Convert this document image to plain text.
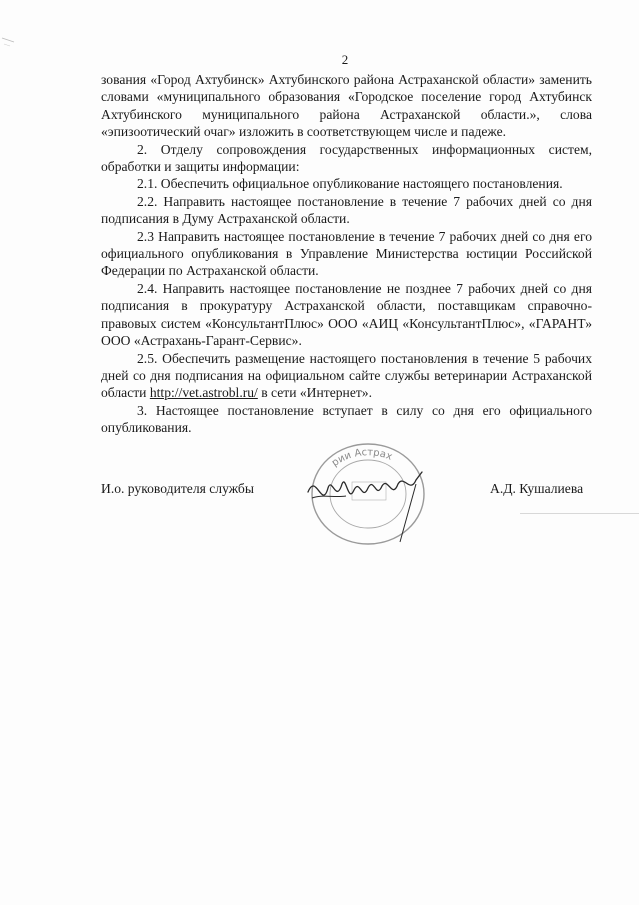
2

зования «Город Ахтубинск» Ахтубинского района Астраханской области» заменить словами «муниципального образования «Городское поселение город Ахтубинск Ахтубинского муниципального района Астраханской области.», слова «эпизоотический очаг» изложить в соответствующем числе и падеже.

2. Отделу сопровождения государственных информационных систем, обработки и защиты информации:

2.1. Обеспечить официальное опубликование настоящего постановления.

2.2. Направить настоящее постановление в течение 7 рабочих дней со дня подписания в Думу Астраханской области.

2.3 Направить настоящее постановление в течение 7 рабочих дней со дня его официального опубликования в Управление Министерства юстиции Российской Федерации по Астраханской области.

2.4. Направить настоящее постановление не позднее 7 рабочих дней со дня подписания в прокуратуру Астраханской области, поставщикам справочно-правовых систем «КонсультантПлюс» ООО «АИЦ «КонсультантПлюс», «ГАРАНТ» ООО «Астрахань-Гарант-Сервис».

2.5. Обеспечить размещение настоящего постановления в течение 5 рабочих дней со дня подписания на официальном сайте службы ветеринарии Астраханской области http://vet.astrobl.ru/ в сети «Интернет».

3. Настоящее постановление вступает в силу со дня его официального опубликования.

рии Астрах
И.о. руководителя службы	А.Д. Кушалиева
